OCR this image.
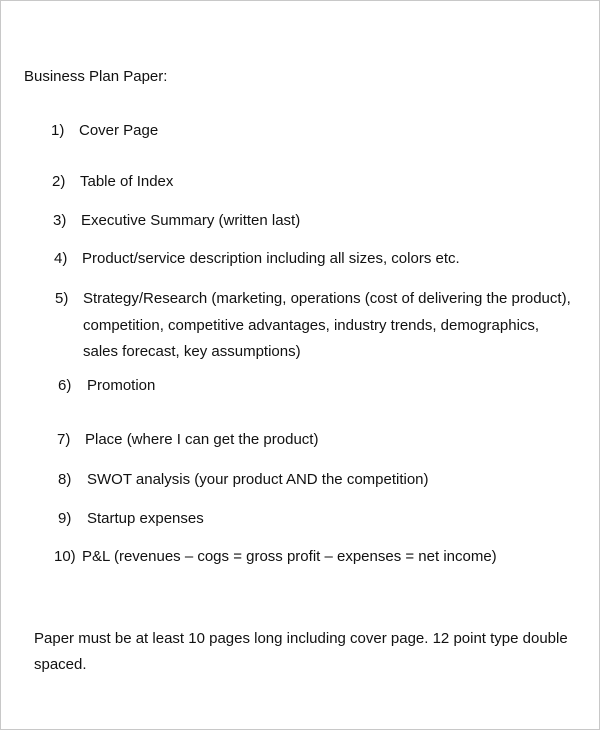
Business Plan Paper:
1) Cover Page
2) Table of Index
3) Executive Summary (written last)
4) Product/service description including all sizes, colors etc.
5) Strategy/Research (marketing, operations (cost of delivering the product),
competition, competitive advantages, industry trends, demographics,
sales forecast, key assumptions)
6) Promotion
7) Place (where I can get the product)
8) SWOT analysis (your product AND the competition)
9) Startup expenses
10) P&L (revenues – cogs = gross profit – expenses = net income)
Paper must be at least 10 pages long including cover page. 12 point type double
spaced.
